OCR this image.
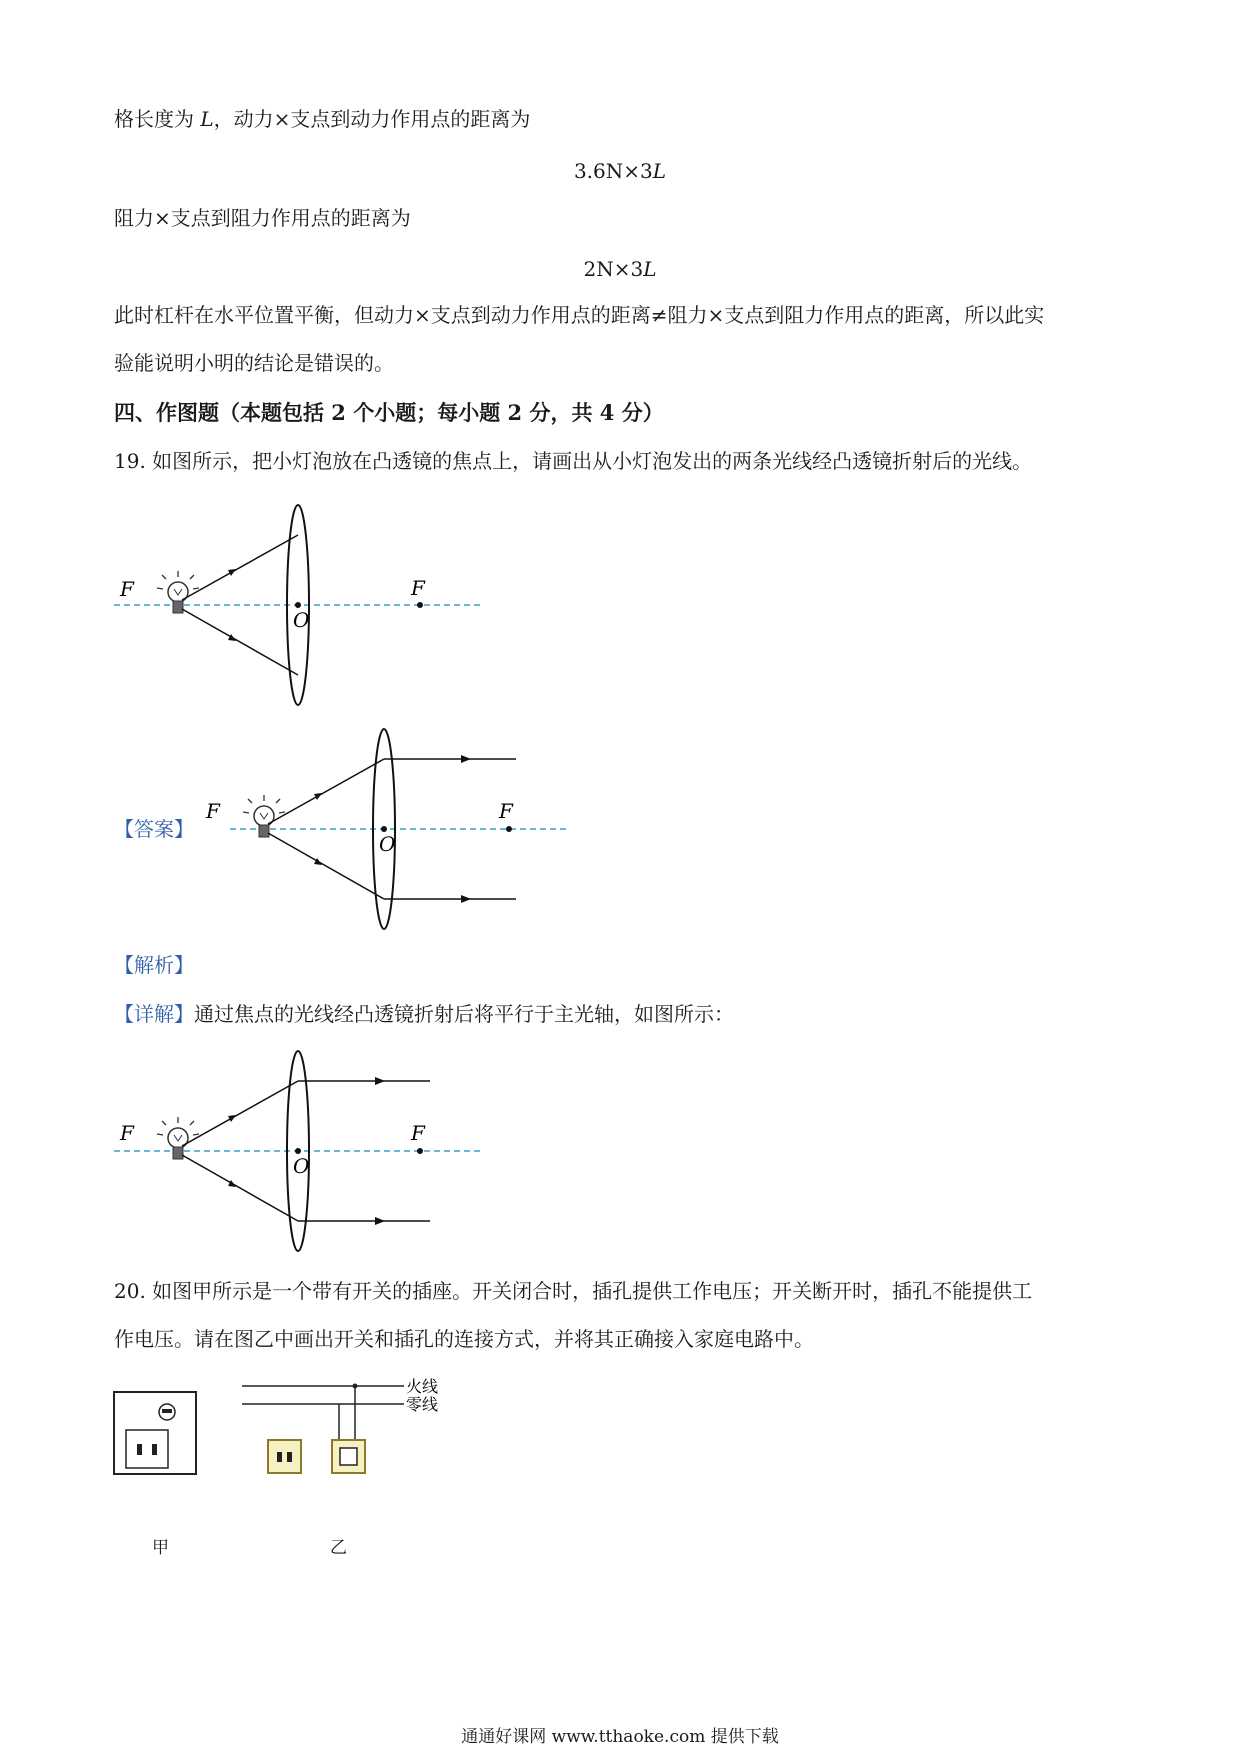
格长度为 L，动力×支点到动力作用点的距离为
3.6N×3L
阻力×支点到阻力作用点的距离为
2N×3L
此时杠杆在水平位置平衡，但动力×支点到动力作用点的距离≠阻力×支点到阻力作用点的距离，所以此实
验能说明小明的结论是错误的。
四、作图题（本题包括 2 个小题；每小题 2 分，共 4 分）
19. 如图所示，把小灯泡放在凸透镜的焦点上，请画出从小灯泡发出的两条光线经凸透镜折射后的光线。
F	F
O
【答案】
F	F
O
【解析】
【详解】通过焦点的光线经凸透镜折射后将平行于主光轴，如图所示：
F	F
O
20. 如图甲所示是一个带有开关的插座。开关闭合时，插孔提供工作电压；开关断开时，插孔不能提供工
作电压。请在图乙中画出开关和插孔的连接方式，并将其正确接入家庭电路中。
火线
零线
甲	乙
通通好课网 www.tthaoke.com 提供下载
